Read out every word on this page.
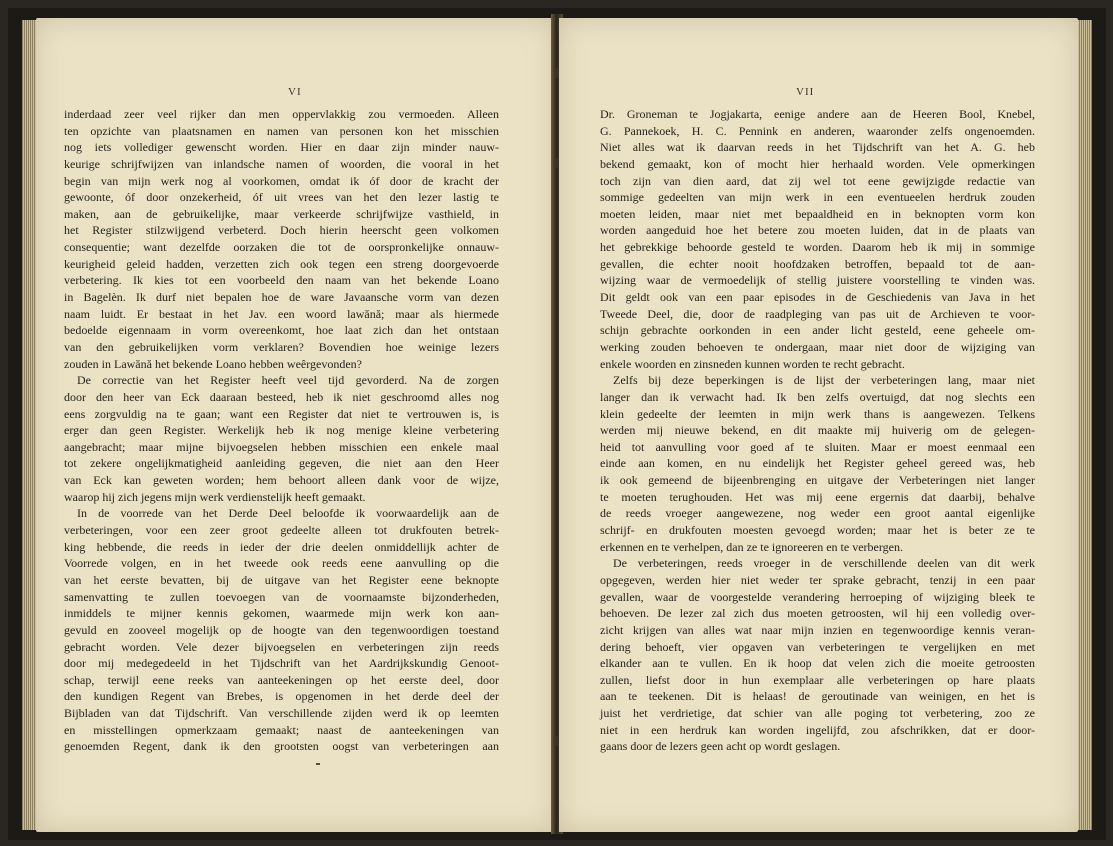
VI
inderdaad zeer veel rijker dan men oppervlakkig zou vermoeden. Alleen
ten opzichte van plaatsnamen en namen van personen kon het misschien
nog iets vollediger gewenscht worden. Hier en daar zijn minder nauw-
keurige schrijfwijzen van inlandsche namen of woorden, die vooral in het
begin van mijn werk nog al voorkomen, omdat ik óf door de kracht der
gewoonte, óf door onzekerheid, óf uit vrees van het den lezer lastig te
maken, aan de gebruikelijke, maar verkeerde schrijfwijze vasthield, in
het Register stilzwijgend verbeterd. Doch hierin heerscht geen volkomen
consequentie; want dezelfde oorzaken die tot de oorspronkelijke onnauw-
keurigheid geleid hadden, verzetten zich ook tegen een streng doorgevoerde
verbetering. Ik kies tot een voorbeeld den naam van het bekende Loano
in Bagelèn. Ik durf niet bepalen hoe de ware Javaansche vorm van dezen
naam luidt. Er bestaat in het Jav. een woord lawănă; maar als hiermede
bedoelde eigennaam in vorm overeenkomt, hoe laat zich dan het ontstaan
van den gebruikelijken vorm verklaren? Bovendien hoe weinige lezers
zouden in Lawănă het bekende Loano hebben weêrgevonden?
De correctie van het Register heeft veel tijd gevorderd. Na de zorgen
door den heer van Eck daaraan besteed, heb ik niet geschroomd alles nog
eens zorgvuldig na te gaan; want een Register dat niet te vertrouwen is, is
erger dan geen Register. Werkelijk heb ik nog menige kleine verbetering
aangebracht; maar mijne bijvoegselen hebben misschien een enkele maal
tot zekere ongelijkmatigheid aanleiding gegeven, die niet aan den Heer
van Eck kan geweten worden; hem behoort alleen dank voor de wijze,
waarop hij zich jegens mijn werk verdienstelijk heeft gemaakt.
In de voorrede van het Derde Deel beloofde ik voorwaardelijk aan de
verbeteringen, voor een zeer groot gedeelte alleen tot drukfouten betrek-
king hebbende, die reeds in ieder der drie deelen onmiddellijk achter de
Voorrede volgen, en in het tweede ook reeds eene aanvulling op die
van het eerste bevatten, bij de uitgave van het Register eene beknopte
samenvatting te zullen toevoegen van de voornaamste bijzonderheden,
inmiddels te mijner kennis gekomen, waarmede mijn werk kon aan-
gevuld en zooveel mogelijk op de hoogte van den tegenwoordigen toestand
gebracht worden. Vele dezer bijvoegselen en verbeteringen zijn reeds
door mij medegedeeld in het Tijdschrift van het Aardrijkskundig Genoot-
schap, terwijl eene reeks van aanteekeningen op het eerste deel, door
den kundigen Regent van Brebes, is opgenomen in het derde deel der
Bijbladen van dat Tijdschrift. Van verschillende zijden werd ik op leemten
en misstellingen opmerkzaam gemaakt; naast de aanteekeningen van
genoemden Regent, dank ik den grootsten oogst van verbeteringen aan
VII
Dr. Groneman te Jogjakarta, eenige andere aan de Heeren Bool, Knebel,
G. Pannekoek, H. C. Pennink en anderen, waaronder zelfs ongenoemden.
Niet alles wat ik daarvan reeds in het Tijdschrift van het A. G. heb
bekend gemaakt, kon of mocht hier herhaald worden. Vele opmerkingen
toch zijn van dien aard, dat zij wel tot eene gewijzigde redactie van
sommige gedeelten van mijn werk in een eventueelen herdruk zouden
moeten leiden, maar niet met bepaaldheid en in beknopten vorm kon
worden aangeduid hoe het betere zou moeten luiden, dat in de plaats van
het gebrekkige behoorde gesteld te worden. Daarom heb ik mij in sommige
gevallen, die echter nooit hoofdzaken betroffen, bepaald tot de aan-
wijzing waar de vermoedelijk of stellig juistere voorstelling te vinden was.
Dit geldt ook van een paar episodes in de Geschiedenis van Java in het
Tweede Deel, die, door de raadpleging van pas uit de Archieven te voor-
schijn gebrachte oorkonden in een ander licht gesteld, eene geheele om-
werking zouden behoeven te ondergaan, maar niet door de wijziging van
enkele woorden en zinsneden kunnen worden te recht gebracht.
Zelfs bij deze beperkingen is de lijst der verbeteringen lang, maar niet
langer dan ik verwacht had. Ik ben zelfs overtuigd, dat nog slechts een
klein gedeelte der leemten in mijn werk thans is aangewezen. Telkens
werden mij nieuwe bekend, en dit maakte mij huiverig om de gelegen-
heid tot aanvulling voor goed af te sluiten. Maar er moest eenmaal een
einde aan komen, en nu eindelijk het Register geheel gereed was, heb
ik ook gemeend de bijeenbrenging en uitgave der Verbeteringen niet langer
te moeten terughouden. Het was mij eene ergernis dat daarbij, behalve
de reeds vroeger aangewezene, nog weder een groot aantal eigenlijke
schrijf- en drukfouten moesten gevoegd worden; maar het is beter ze te
erkennen en te verhelpen, dan ze te ignoreeren en te verbergen.
De verbeteringen, reeds vroeger in de verschillende deelen van dit werk
opgegeven, werden hier niet weder ter sprake gebracht, tenzij in een paar
gevallen, waar de voorgestelde verandering herroeping of wijziging bleek te
behoeven. De lezer zal zich dus moeten getroosten, wil hij een volledig over-
zicht krijgen van alles wat naar mijn inzien en tegenwoordige kennis veran-
dering behoeft, vier opgaven van verbeteringen te vergelijken en met
elkander aan te vullen. En ik hoop dat velen zich die moeite getroosten
zullen, liefst door in hun exemplaar alle verbeteringen op hare plaats
aan te teekenen. Dit is helaas! de geroutinade van weinigen, en het is
juist het verdrietige, dat schier van alle poging tot verbetering, zoo ze
niet in een herdruk kan worden ingelijfd, zou afschrikken, dat er door-
gaans door de lezers geen acht op wordt geslagen.
